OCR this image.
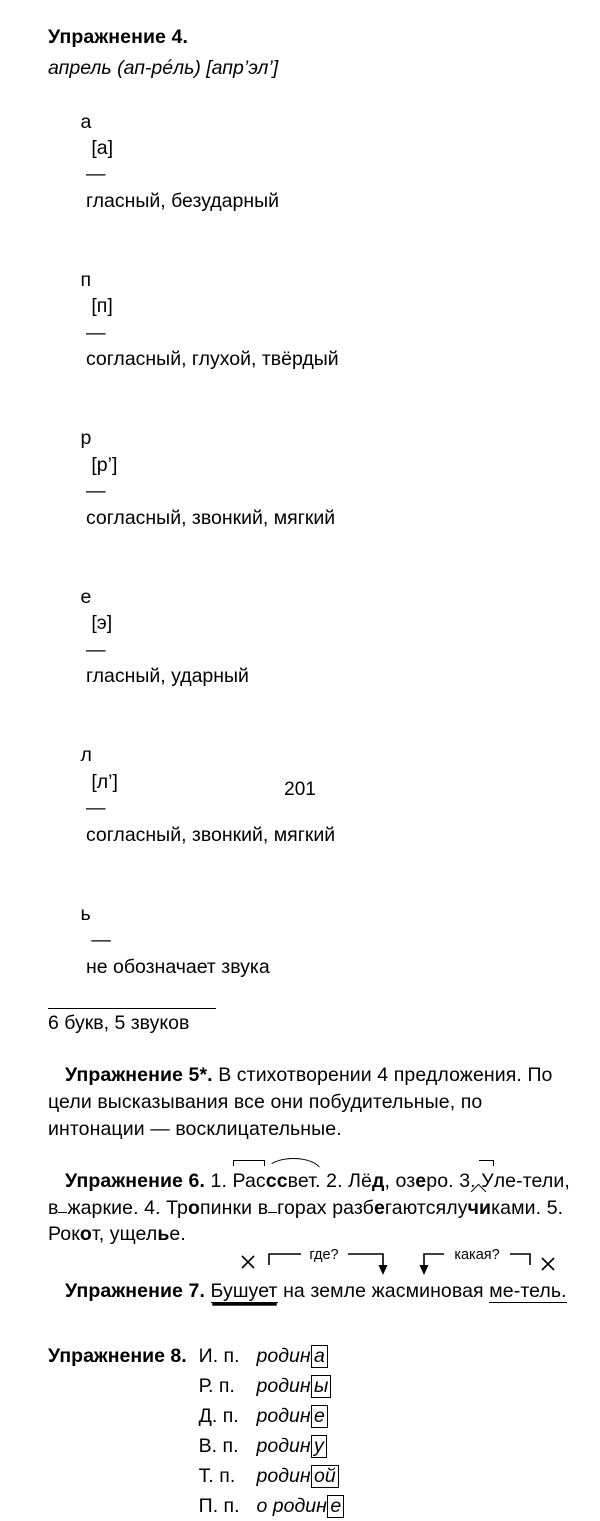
Упражнение 4.
апрель (ап-ре́ль) [апр’эл’]

а
[а]
—
гласный, безударный

п
[п]
—
согласный, глухой, твёрдый

р
[р’]
—
согласный, звонкий, мягкий

е
[э]
—
гласный, ударный

л
[л’]
—
согласный, звонкий, мягкий

ь
—
не обозначает звука

6 букв, 5 звуков
Упражнение 5*. В стихотворении 4 предложения. По цели высказывания все они побудительные, по интонации — восклицательные.
Упражнение 6. 1. Расссвет. 2. Лёд, озеро. 3. Уле-тели, в жаркие. 4. Тропинки в горах разбегаютсялучиками. 5. Рокот, ущелье.
где?	какая?
Упражнение 7. Бушует на земле жасминовая ме-тель.
Упражнение 8.	И. п.	родин а
	Р. п.	родин ы
	Д. п.	родин е
	В. п.	родин у
	Т. п.	родин ой
	П. п.	о родин е
201
